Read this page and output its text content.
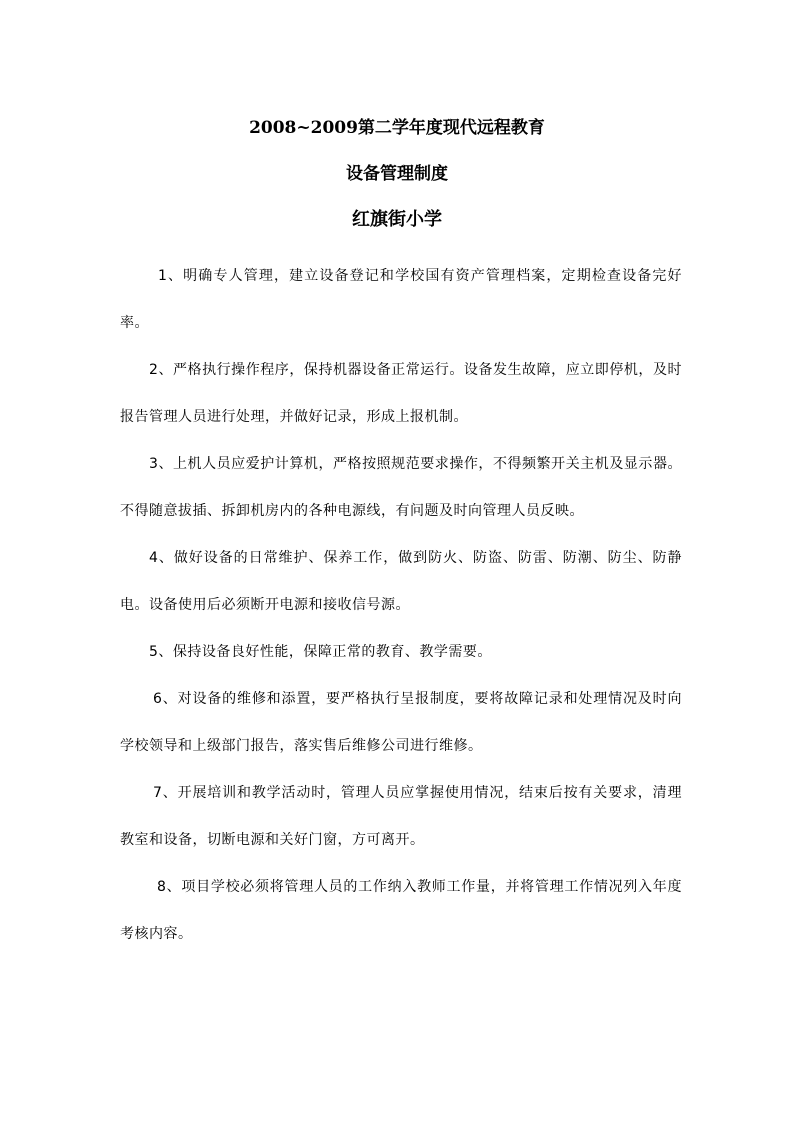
2008~2009第二学年度现代远程教育
设备管理制度
红旗街小学

1、明确专人管理，建立设备登记和学校国有资产管理档案，定期检查设备完好率。

2、严格执行操作程序，保持机器设备正常运行。设备发生故障，应立即停机，及时报告管理人员进行处理，并做好记录，形成上报机制。

3、上机人员应爱护计算机，严格按照规范要求操作，不得频繁开关主机及显示器。不得随意拔插、拆卸机房内的各种电源线，有问题及时向管理人员反映。

4、做好设备的日常维护、保养工作，做到防火、防盗、防雷、防潮、防尘、防静电。设备使用后必须断开电源和接收信号源。

5、保持设备良好性能，保障正常的教育、教学需要。

6、对设备的维修和添置，要严格执行呈报制度，要将故障记录和处理情况及时向学校领导和上级部门报告，落实售后维修公司进行维修。

7、开展培训和教学活动时，管理人员应掌握使用情况，结束后按有关要求，清理教室和设备，切断电源和关好门窗，方可离开。

8、项目学校必须将管理人员的工作纳入教师工作量，并将管理工作情况列入年度考核内容。
